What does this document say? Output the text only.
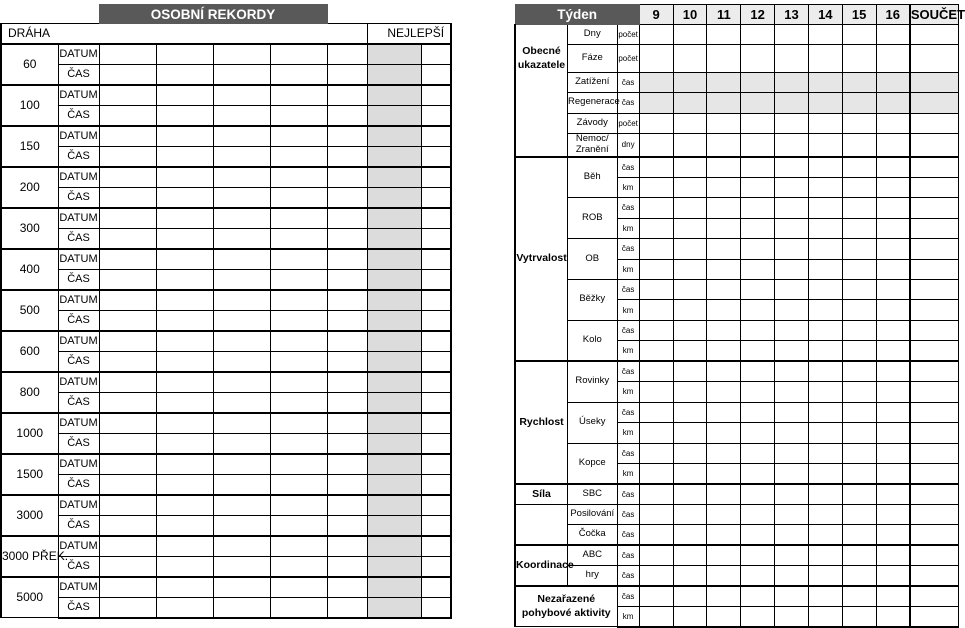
		OSOBNÍ REKORDY						
DRÁHA							NEJLEPŠÍ	
60	DATUM							
	ČAS							
100	DATUM							
	ČAS							
150	DATUM							
	ČAS							
200	DATUM							
	ČAS							
300	DATUM							
	ČAS							
400	DATUM							
	ČAS							
500	DATUM							
	ČAS							
600	DATUM							
	ČAS							
800	DATUM							
	ČAS							
1000	DATUM							
	ČAS							
1500	DATUM							
	ČAS							
3000	DATUM							
	ČAS							
3000 PŘEK.	DATUM							
	ČAS							
5000	DATUM							
	ČAS							
Týden			9	10	11	12	13	14	15	16	SOUČET
	Dny	počet									
Obecné ukazatele	Fáze	počet									
	Zatížení	čas									
	Regenerace	čas									
	Závody	počet									
	Nemoc/ Zranění	dny									
Vytrvalost	Běh	čas									
		km									
	ROB	čas									
		km									
	OB	čas									
		km									
	Běžky	čas									
		km									
	Kolo	čas									
		km									
Rychlost	Rovinky	čas									
		km									
	Úseky	čas									
		km									
	Kopce	čas									
		km									
Síla	SBC	čas									
	Posilování	čas									
	Čočka	čas									
Koordinace	ABC	čas									
	hry	čas									
Nezařazené pohybové aktivity		čas									
		km									
